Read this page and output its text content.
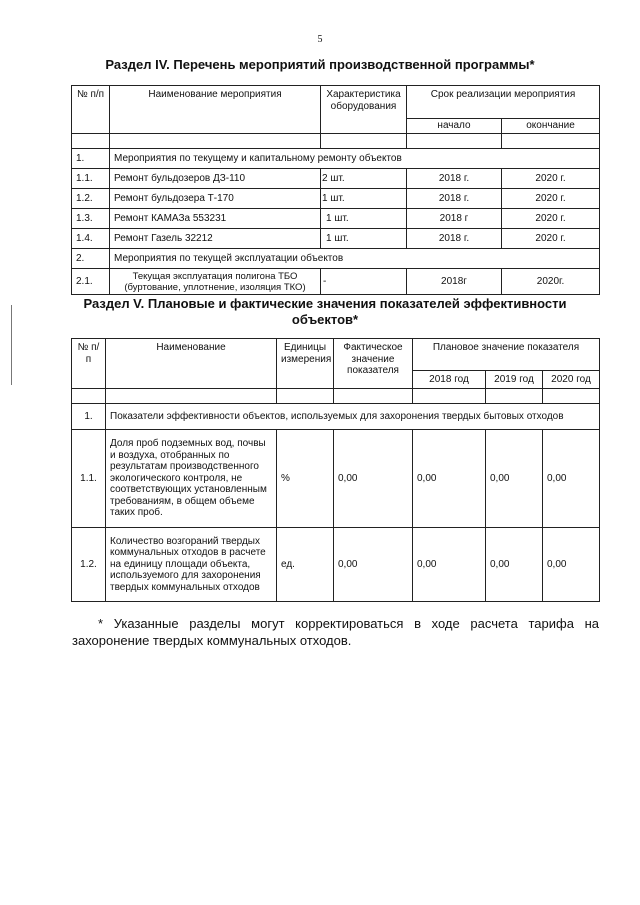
5
Раздел IV. Перечень мероприятий производственной программы*
№ п/п	Наименование мероприятия	Характеристика оборудования	Срок реализации мероприятия	
			начало	окончание

1.	Мероприятия по текущему и капитальному ремонту объектов			
1.1.	Ремонт бульдозеров ДЗ-110	2 шт.	2018 г.	2020 г.
1.2.	Ремонт бульдозера Т-170	1 шт.	2018 г.	2020 г.
1.3.	Ремонт КАМАЗа 553231	1 шт.	2018 г	2020 г.
1.4.	Ремонт Газель 32212	1 шт.	2018 г.	2020 г.
2.	Мероприятия по текущей эксплуатации объектов			
2.1.	Текущая эксплуатация полигона ТБО (буртование, уплотнение, изоляция ТКО)	-	2018г	2020г.
Раздел V. Плановые и фактические значения показателей эффективности объектов*
№ п/п	Наименование	Единицы измерения	Фактическое значение показателя	Плановое значение показателя		
				2018 год	2019 год	2020 год

1.	Показатели эффективности объектов, используемых для захоронения твердых бытовых отходов					
1.1.	Доля проб подземных вод, почвы и воздуха, отобранных по результатам производственного экологического контроля, не соответствующих установленным требованиям, в общем объеме таких проб.	%	0,00	0,00	0,00	0,00
1.2.	Количество возгораний твердых коммунальных отходов в расчете на единицу площади объекта, используемого для захоронения твердых коммунальных отходов	ед.	0,00	0,00	0,00	0,00
* Указанные разделы могут корректироваться в ходе расчета тарифа на
захоронение твердых коммунальных отходов.
